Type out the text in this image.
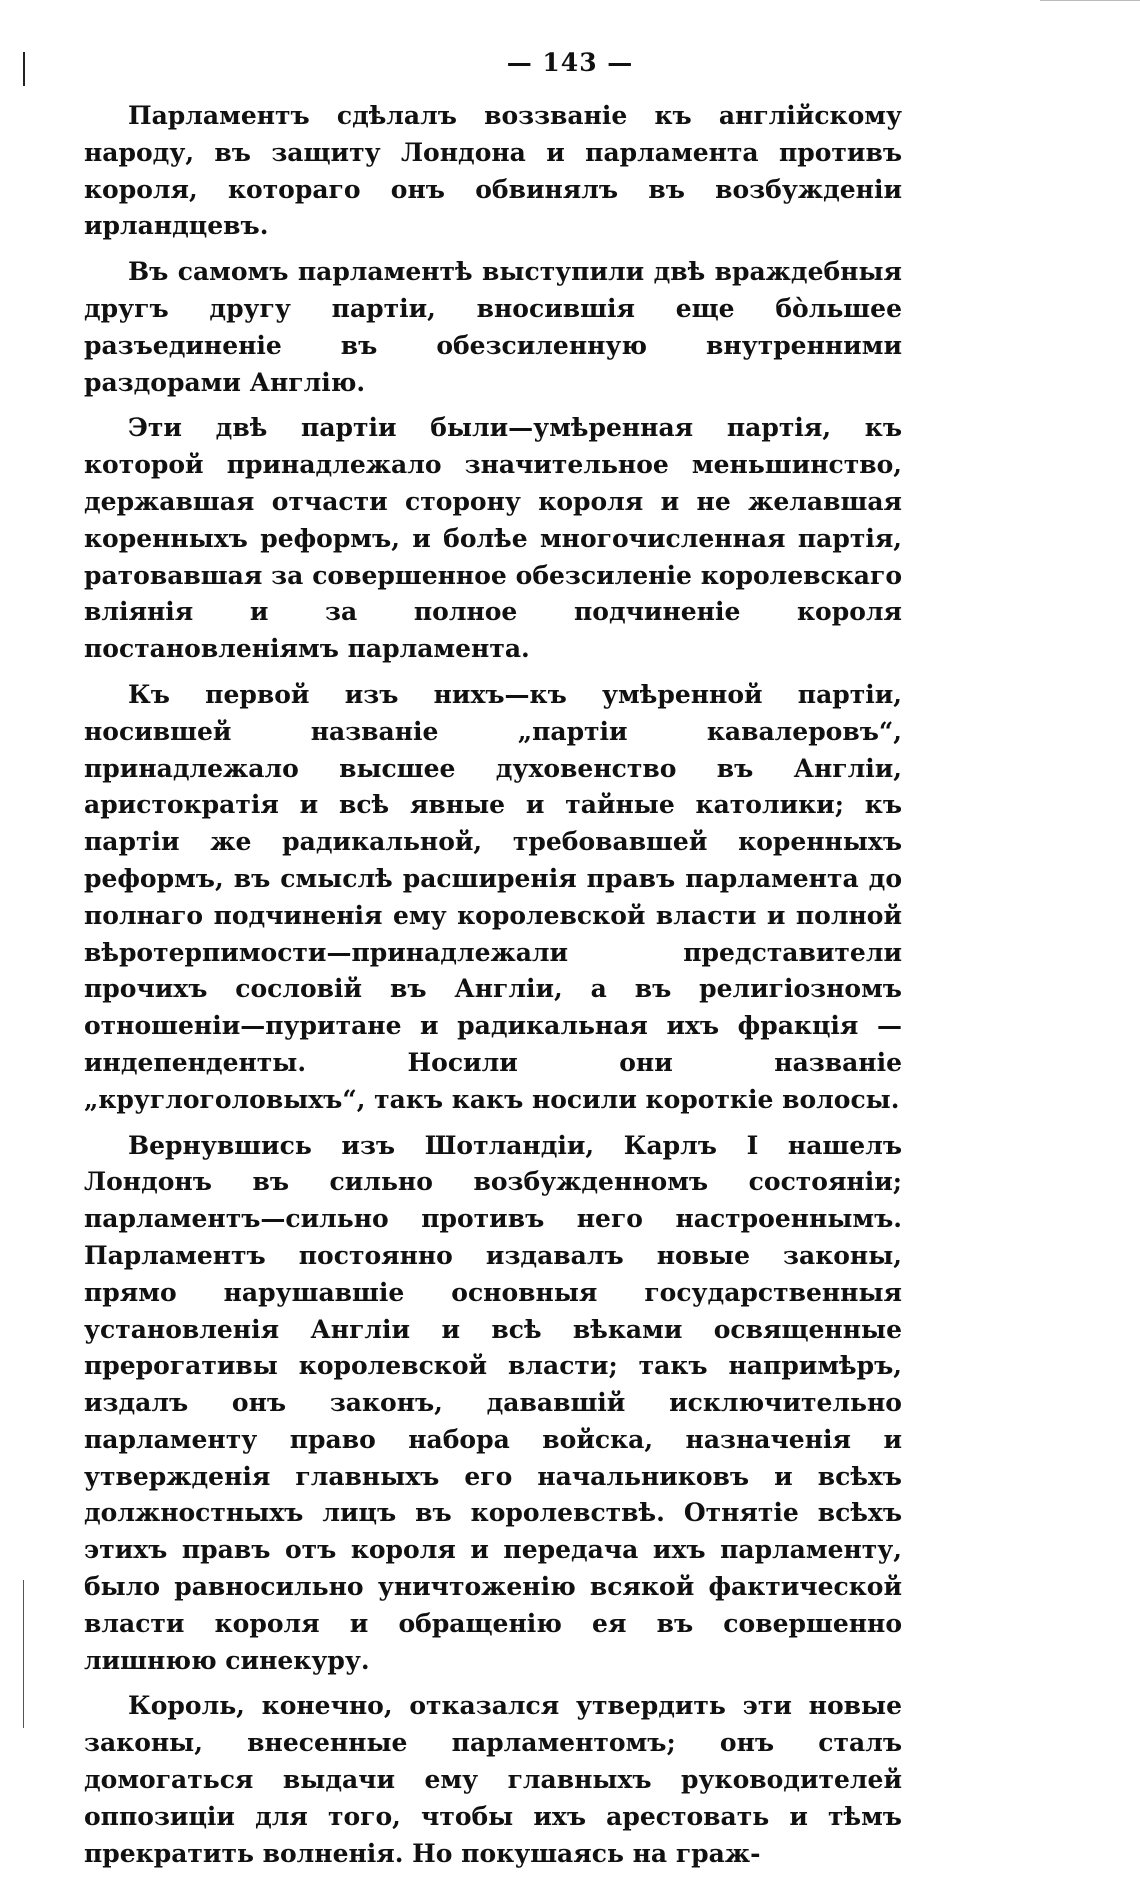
— 143 —

Парламентъ сдѣлалъ воззваніе къ англійскому народу, въ защиту Лондона и парламента противъ короля, котораго онъ обвинялъ въ возбужденіи ирландцевъ.

Въ самомъ парламентѣ выступили двѣ враждебныя другъ другу партіи, вносившія еще бо̀льшее разъединеніе въ обезсиленную внутренними раздорами Англію.

Эти двѣ партіи были—умѣренная партія, къ которой принадлежало значительное меньшинство, державшая отчасти сторону короля и не желавшая коренныхъ реформъ, и болѣе многочисленная партія, ратовавшая за совершенное обезсиленіе королевскаго вліянія и за полное подчиненіе короля постановленіямъ парламента.

Къ первой изъ нихъ—къ умѣренной партіи, носившей названіе „партіи кавалеровъ“, принадлежало высшее духовенство въ Англіи, аристократія и всѣ явные и тайные католики; къ партіи же радикальной, требовавшей коренныхъ реформъ, въ смыслѣ расширенія правъ парламента до полнаго подчиненія ему королевской власти и полной вѣротерпимости—принадлежали представители прочихъ сословій въ Англіи, а въ религіозномъ отношеніи—пуритане и радикальная ихъ фракція — индепенденты. Носили они названіе „круглоголовыхъ“, такъ какъ носили короткіе волосы.

Вернувшись изъ Шотландіи, Карлъ I нашелъ Лондонъ въ сильно возбужденномъ состояніи; парламентъ—сильно противъ него настроеннымъ. Парламентъ постоянно издавалъ новые законы, прямо нарушавшіе основныя государственныя установленія Англіи и всѣ вѣками освященные прерогативы королевской власти; такъ напримѣръ, издалъ онъ законъ, дававшій исключительно парламенту право набора войска, назначенія и утвержденія главныхъ его начальниковъ и всѣхъ должностныхъ лицъ въ королевствѣ. Отнятіе всѣхъ этихъ правъ отъ короля и передача ихъ парламенту, было равносильно уничтоженію всякой фактической власти короля и обращенію ея въ совершенно лишнюю синекуру.

Король, конечно, отказался утвердить эти новые законы, внесенные парламентомъ; онъ сталъ домогаться выдачи ему главныхъ руководителей оппозиціи для того, чтобы ихъ арестовать и тѣмъ прекратить волненія. Но покушаясь на граж-
